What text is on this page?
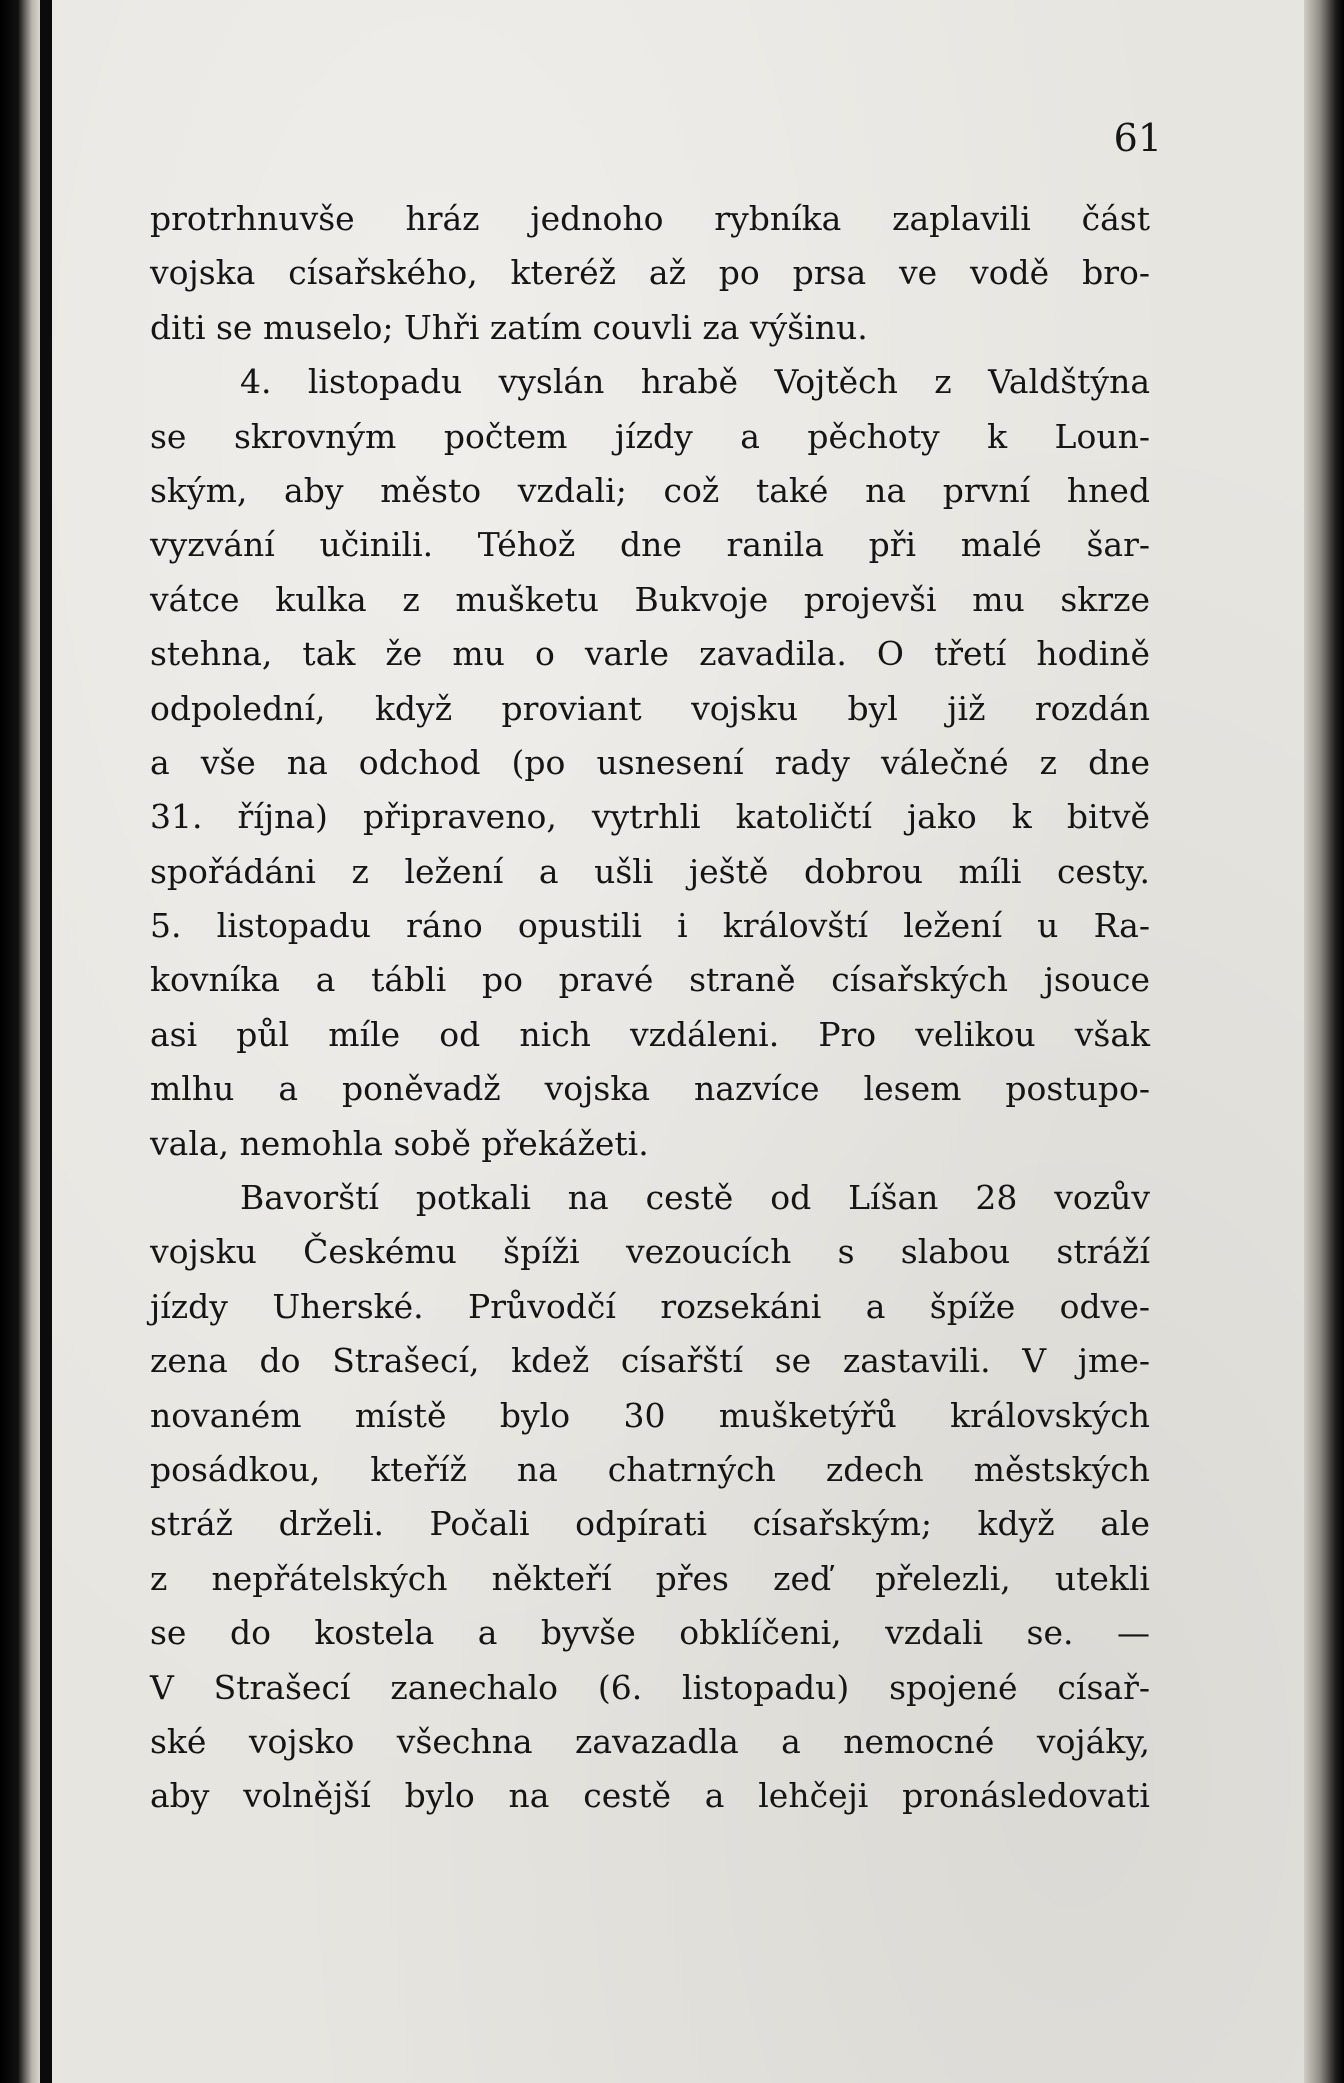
61
protrhnuvše hráz jednoho rybníka zaplavili část
vojska císařského, kteréž až po prsa ve vodě bro-
diti se muselo; Uhři zatím couvli za výšinu.
4. listopadu vyslán hrabě Vojtěch z Valdštýna
se skrovným počtem jízdy a pěchoty k Loun-
ským, aby město vzdali; což také na první hned
vyzvání učinili. Téhož dne ranila při malé šar-
vátce kulka z mušketu Bukvoje projevši mu skrze
stehna, tak že mu o varle zavadila. O třetí hodině
odpolední, když proviant vojsku byl již rozdán
a vše na odchod (po usnesení rady válečné z dne
31. října) připraveno, vytrhli katoličtí jako k bitvě
spořádáni z ležení a ušli ještě dobrou míli cesty.
5. listopadu ráno opustili i královští ležení u Ra-
kovníka a tábli po pravé straně císařských jsouce
asi půl míle od nich vzdáleni. Pro velikou však
mlhu a poněvadž vojska nazvíce lesem postupo-
vala, nemohla sobě překážeti.
Bavorští potkali na cestě od Líšan 28 vozův
vojsku Českému špíži vezoucích s slabou stráží
jízdy Uherské. Průvodčí rozsekáni a špíže odve-
zena do Strašecí, kdež císařští se zastavili. V jme-
novaném místě bylo 30 mušketýřů královských
posádkou, kteříž na chatrných zdech městských
stráž drželi. Počali odpírati císařským; když ale
z nepřátelských někteří přes zeď přelezli, utekli
se do kostela a byvše obklíčeni, vzdali se. —
V Strašecí zanechalo (6. listopadu) spojené císař-
ské vojsko všechna zavazadla a nemocné vojáky,
aby volnější bylo na cestě a lehčeji pronásledovati
